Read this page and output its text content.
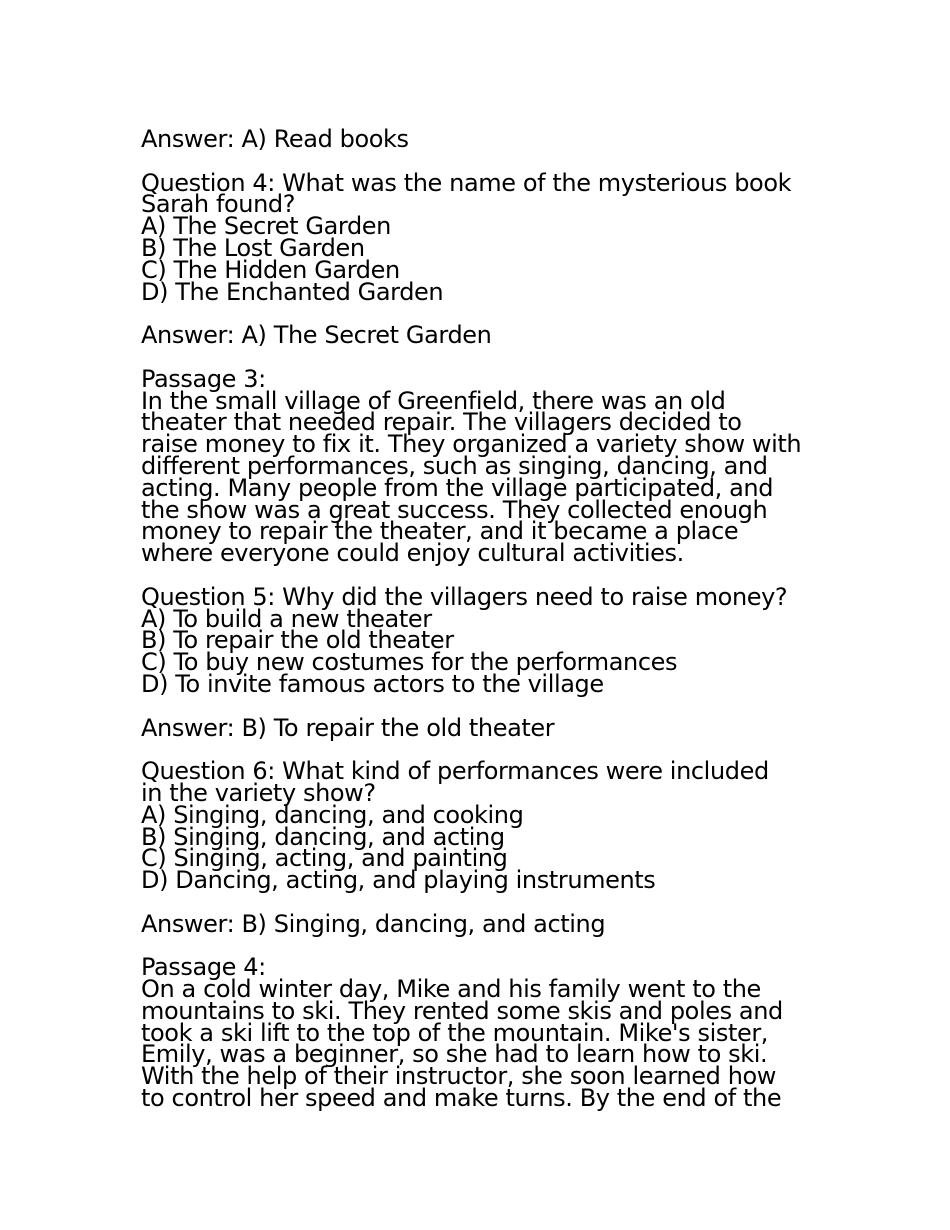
Answer: A) Read books
Question 4: What was the name of the mysterious book
Sarah found?
A) The Secret Garden
B) The Lost Garden
C) The Hidden Garden
D) The Enchanted Garden
Answer: A) The Secret Garden
Passage 3:
In the small village of Greenfield, there was an old
theater that needed repair. The villagers decided to
raise money to fix it. They organized a variety show with
different performances, such as singing, dancing, and
acting. Many people from the village participated, and
the show was a great success. They collected enough
money to repair the theater, and it became a place
where everyone could enjoy cultural activities.
Question 5: Why did the villagers need to raise money?
A) To build a new theater
B) To repair the old theater
C) To buy new costumes for the performances
D) To invite famous actors to the village
Answer: B) To repair the old theater
Question 6: What kind of performances were included
in the variety show?
A) Singing, dancing, and cooking
B) Singing, dancing, and acting
C) Singing, acting, and painting
D) Dancing, acting, and playing instruments
Answer: B) Singing, dancing, and acting
Passage 4:
On a cold winter day, Mike and his family went to the
mountains to ski. They rented some skis and poles and
took a ski lift to the top of the mountain. Mike's sister,
Emily, was a beginner, so she had to learn how to ski.
With the help of their instructor, she soon learned how
to control her speed and make turns. By the end of the
